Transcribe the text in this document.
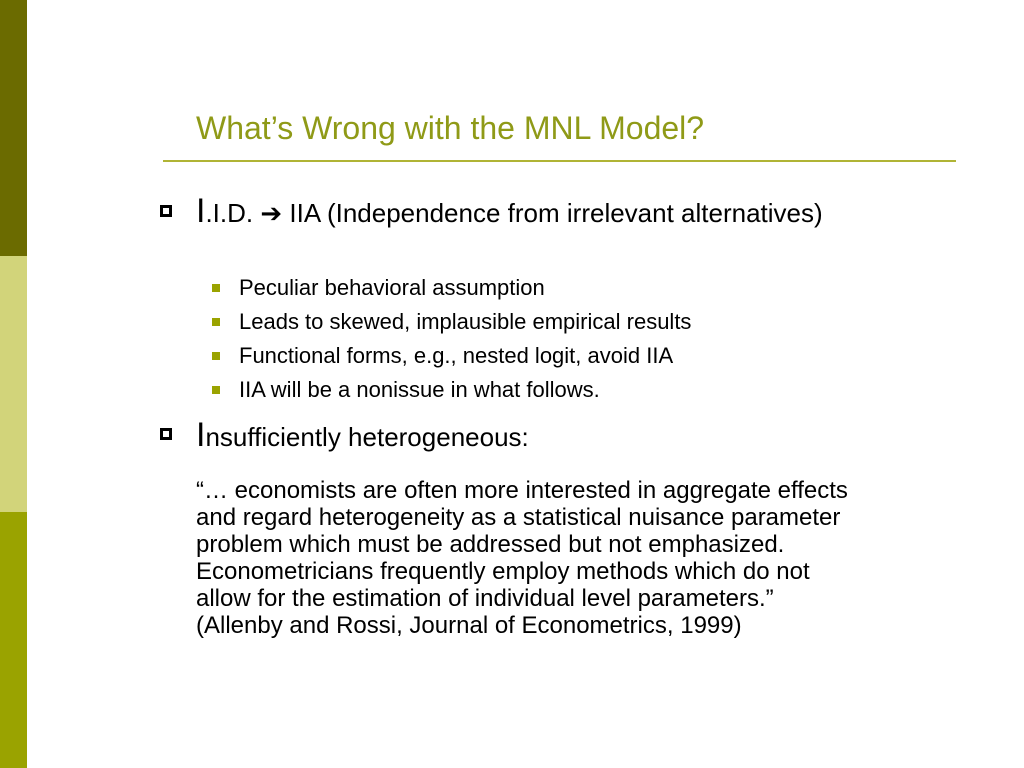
What’s Wrong with the MNL Model?

I.I.D. ➔ IIA (Independence from irrelevant alternatives)

Peculiar behavioral assumption

Leads to skewed, implausible empirical results

Functional forms, e.g., nested logit, avoid IIA

IIA will be a nonissue in what follows.

Insufficiently heterogeneous:

“… economists are often more interested in aggregate effects
and regard heterogeneity as a statistical nuisance parameter
problem which must be addressed but not emphasized.
Econometricians frequently employ methods which do not
allow for the estimation of individual level parameters.”
(Allenby and Rossi, Journal of Econometrics, 1999)
